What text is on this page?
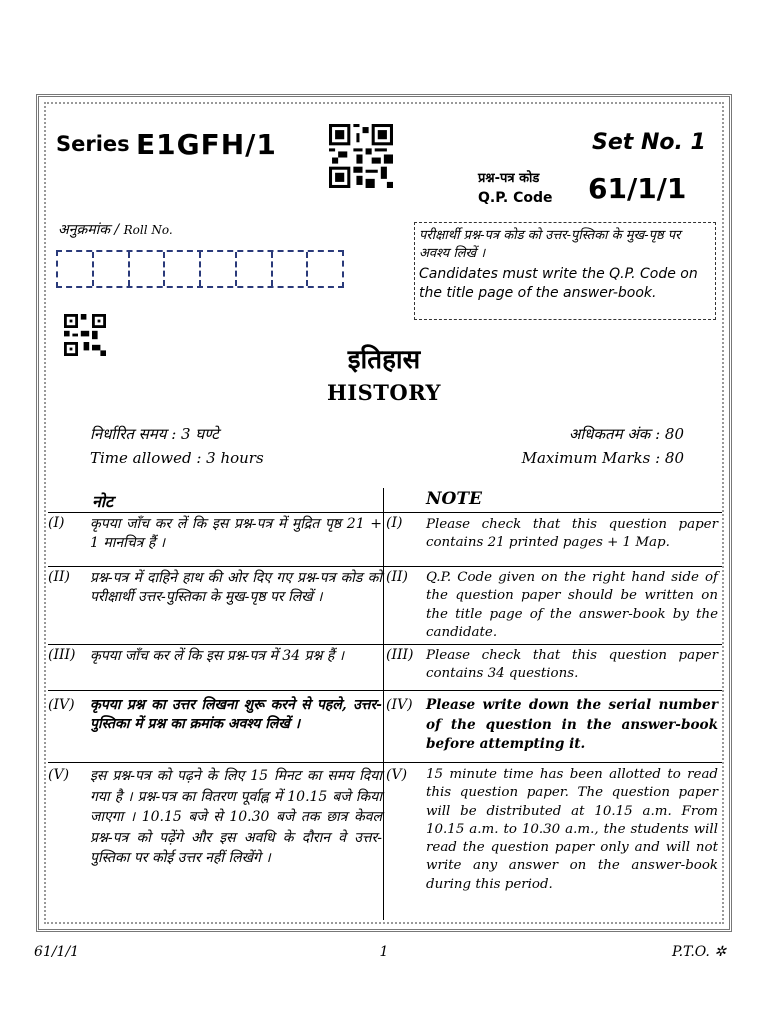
Series E1GFH/1	Set No. 1
प्रश्न-पत्र कोड
Q.P. Code 61/1/1
अनुक्रमांक / Roll No.	परीक्षार्थी प्रश्न-पत्र कोड को उत्तर-पुस्तिका के मुख-पृष्ठ पर अवश्य लिखें ।
Candidates must write the Q.P. Code on the title page of the answer-book.
इतिहास
HISTORY
निर्धारित समय : 3 घण्टे
Time allowed : 3 hours
अधिकतम अंक : 80
Maximum Marks : 80
नोट	NOTE
(I) कृपया जाँच कर लें कि इस प्रश्न-पत्र में मुद्रित पृष्ठ 21 + 1 मानचित्र हैं ।
(I) Please check that this question paper contains 21 printed pages + 1 Map.
(II) प्रश्न-पत्र में दाहिने हाथ की ओर दिए गए प्रश्न-पत्र कोड को परीक्षार्थी उत्तर-पुस्तिका के मुख-पृष्ठ पर लिखें ।
(II) Q.P. Code given on the right hand side of the question paper should be written on the title page of the answer-book by the candidate.
(III) कृपया जाँच कर लें कि इस प्रश्न-पत्र में 34 प्रश्न हैं ।	(III) Please check that this question paper contains 34 questions.
(IV) कृपया प्रश्न का उत्तर लिखना शुरू करने से पहले, उत्तर-पुस्तिका में प्रश्न का क्रमांक अवश्य लिखें ।
(IV) Please write down the serial number of the question in the answer-book before attempting it.
(V) इस प्रश्न-पत्र को पढ़ने के लिए 15 मिनट का समय दिया गया है । प्रश्न-पत्र का वितरण पूर्वाह्न में 10.15 बजे किया जाएगा । 10.15 बजे से 10.30 बजे तक छात्र केवल प्रश्न-पत्र को पढ़ेंगे और इस अवधि के दौरान वे उत्तर-पुस्तिका पर कोई उत्तर नहीं लिखेंगे ।
(V) 15 minute time has been allotted to read this question paper. The question paper will be distributed at 10.15 a.m. From 10.15 a.m. to 10.30 a.m., the students will read the question paper only and will not write any answer on the answer-book during this period.
61/1/1	1	P.T.O. ✲
